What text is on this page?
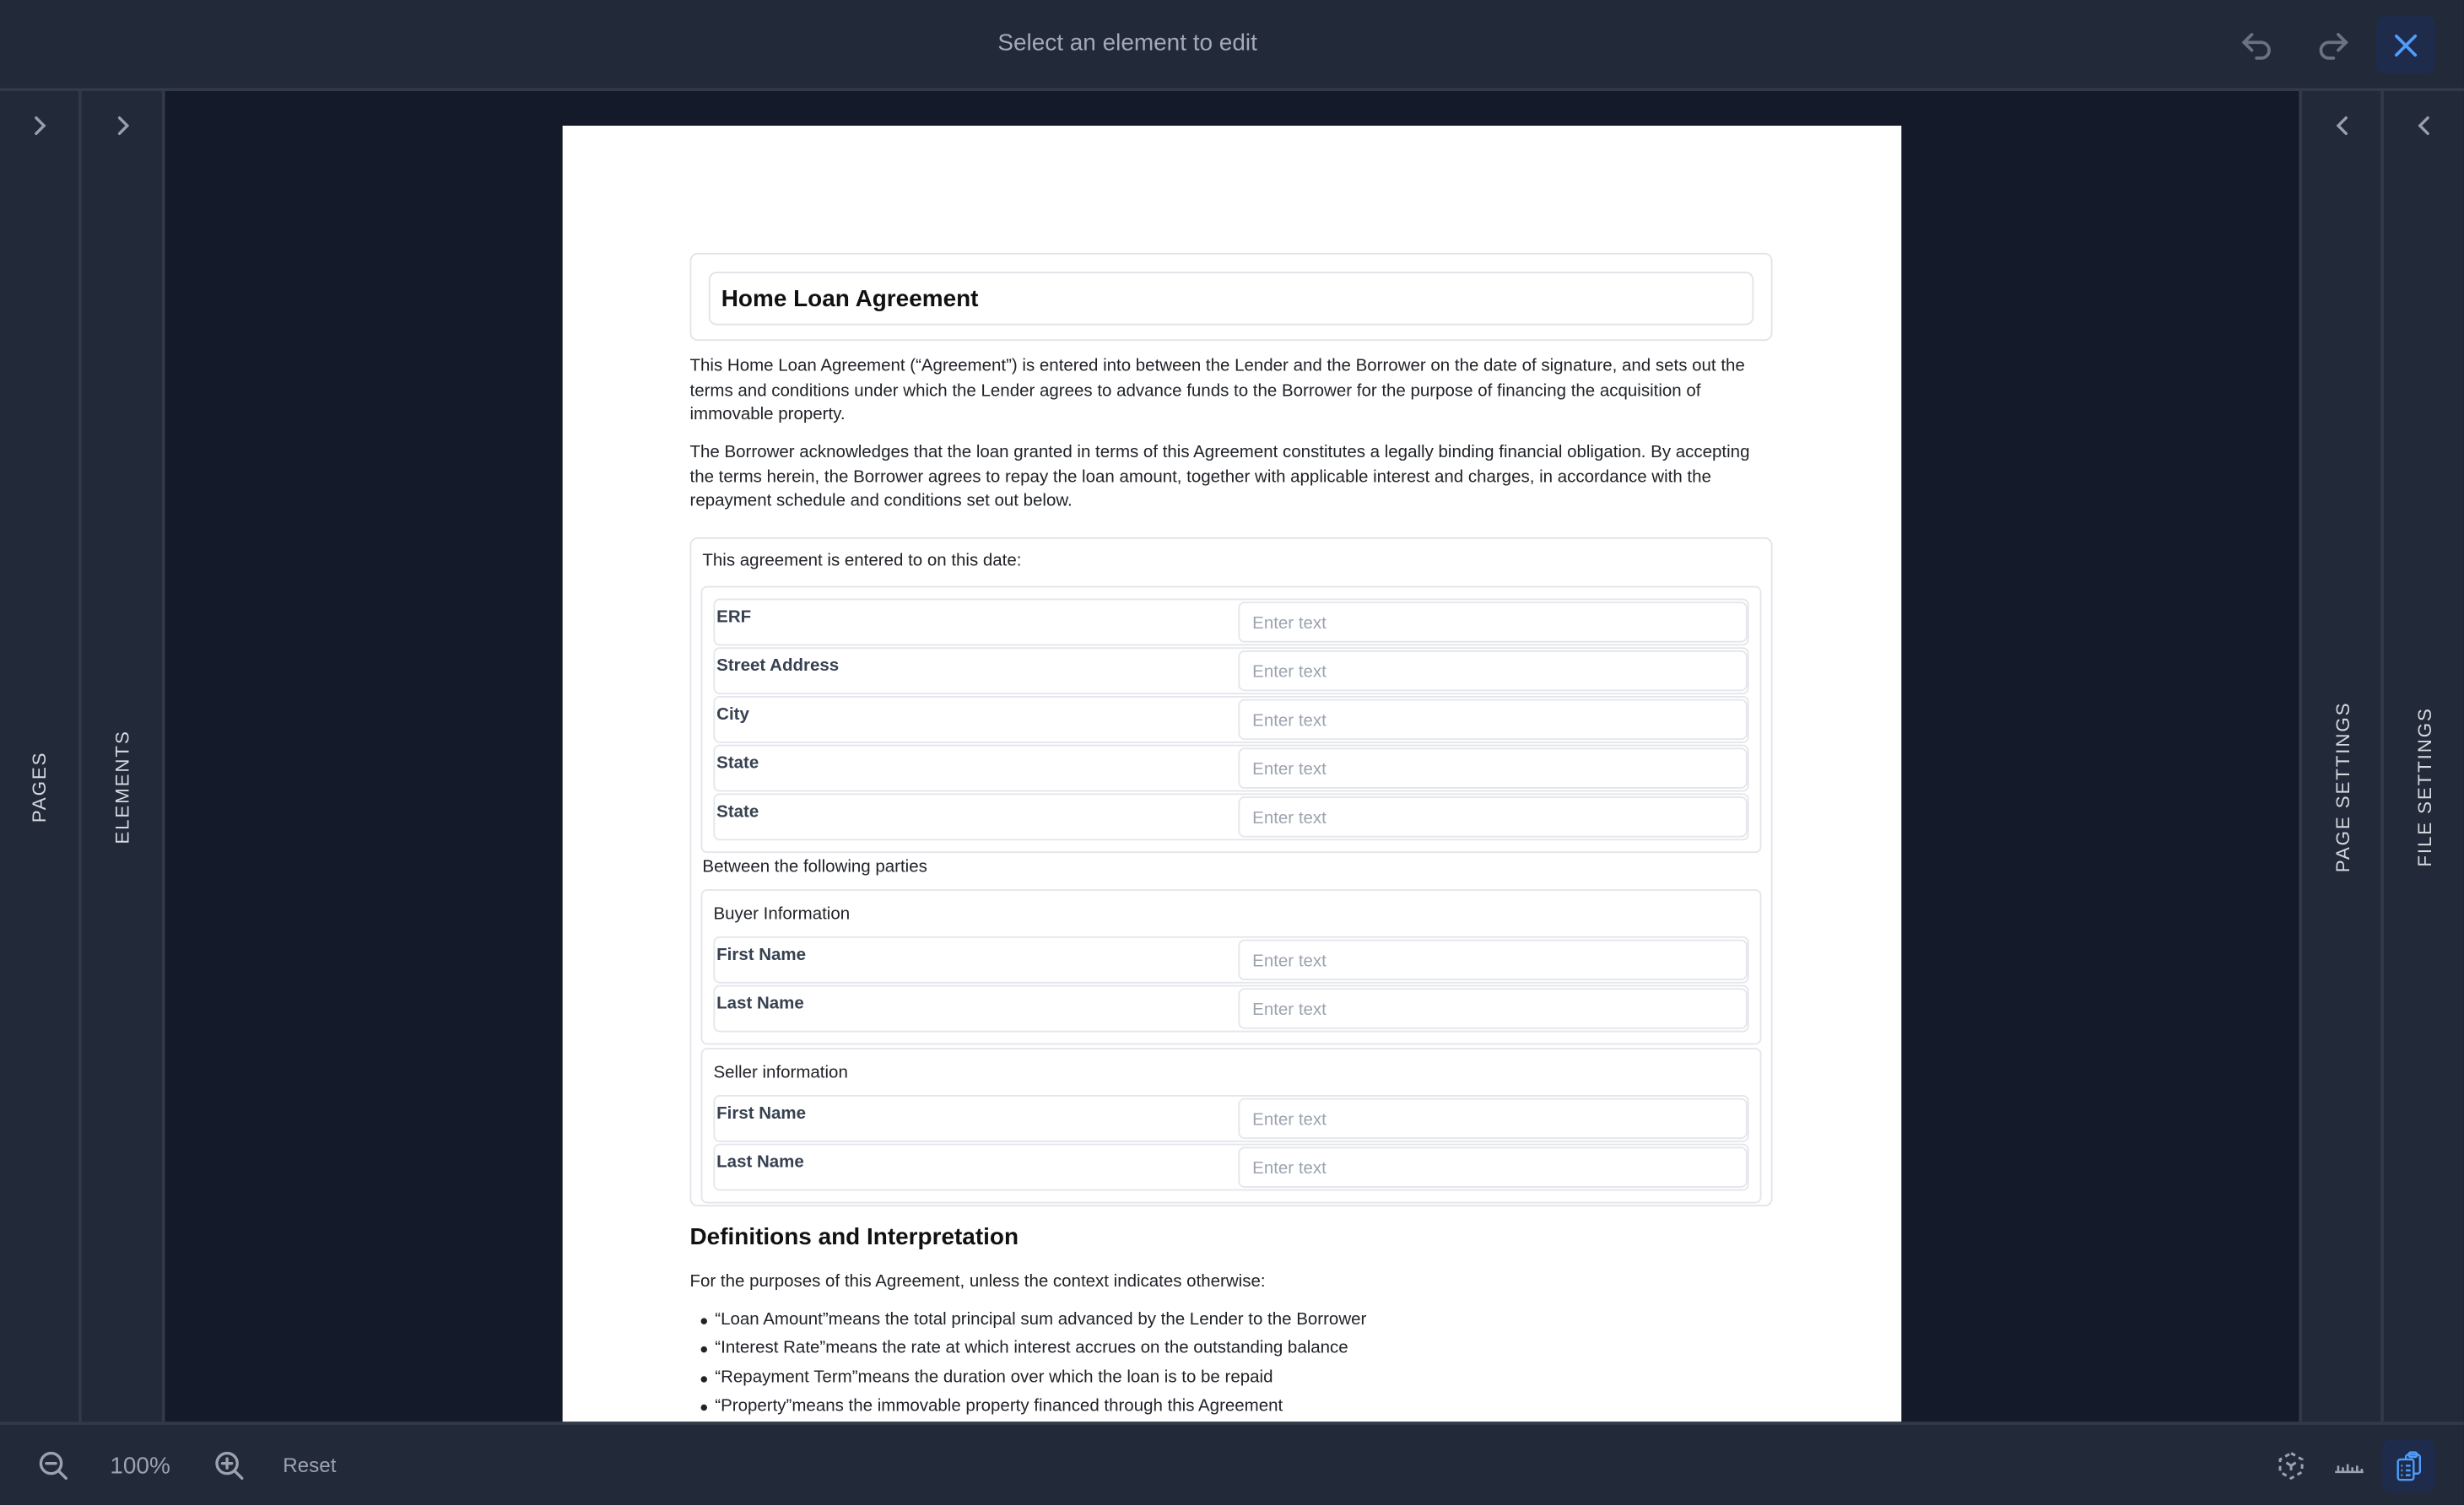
Select an element to edit
PAGES	ELEMENTS	PAGE SETTINGS	FILE SETTINGS
Home Loan Agreement
This Home Loan Agreement (“Agreement”) is entered into between the Lender and the Borrower on the date of signature, and sets out the terms and conditions under which the Lender agrees to advance funds to the Borrower for the purpose of financing the acquisition of immovable property.
The Borrower acknowledges that the loan granted in terms of this Agreement constitutes a legally binding financial obligation. By accepting the terms herein, the Borrower agrees to repay the loan amount, together with applicable interest and charges, in accordance with the repayment schedule and conditions set out below.
This agreement is entered to on this date:
ERF	Enter text
Street Address	Enter text
City	Enter text
State	Enter text
State	Enter text
Between the following parties
Buyer Information
First Name	Enter text
Last Name	Enter text
Seller information
First Name	Enter text
Last Name	Enter text
Definitions and Interpretation
For the purposes of this Agreement, unless the context indicates otherwise:
“Loan Amount”means the total principal sum advanced by the Lender to the Borrower
“Interest Rate”means the rate at which interest accrues on the outstanding balance
“Repayment Term”means the duration over which the loan is to be repaid
“Property”means the immovable property financed through this Agreement
100%	Reset
